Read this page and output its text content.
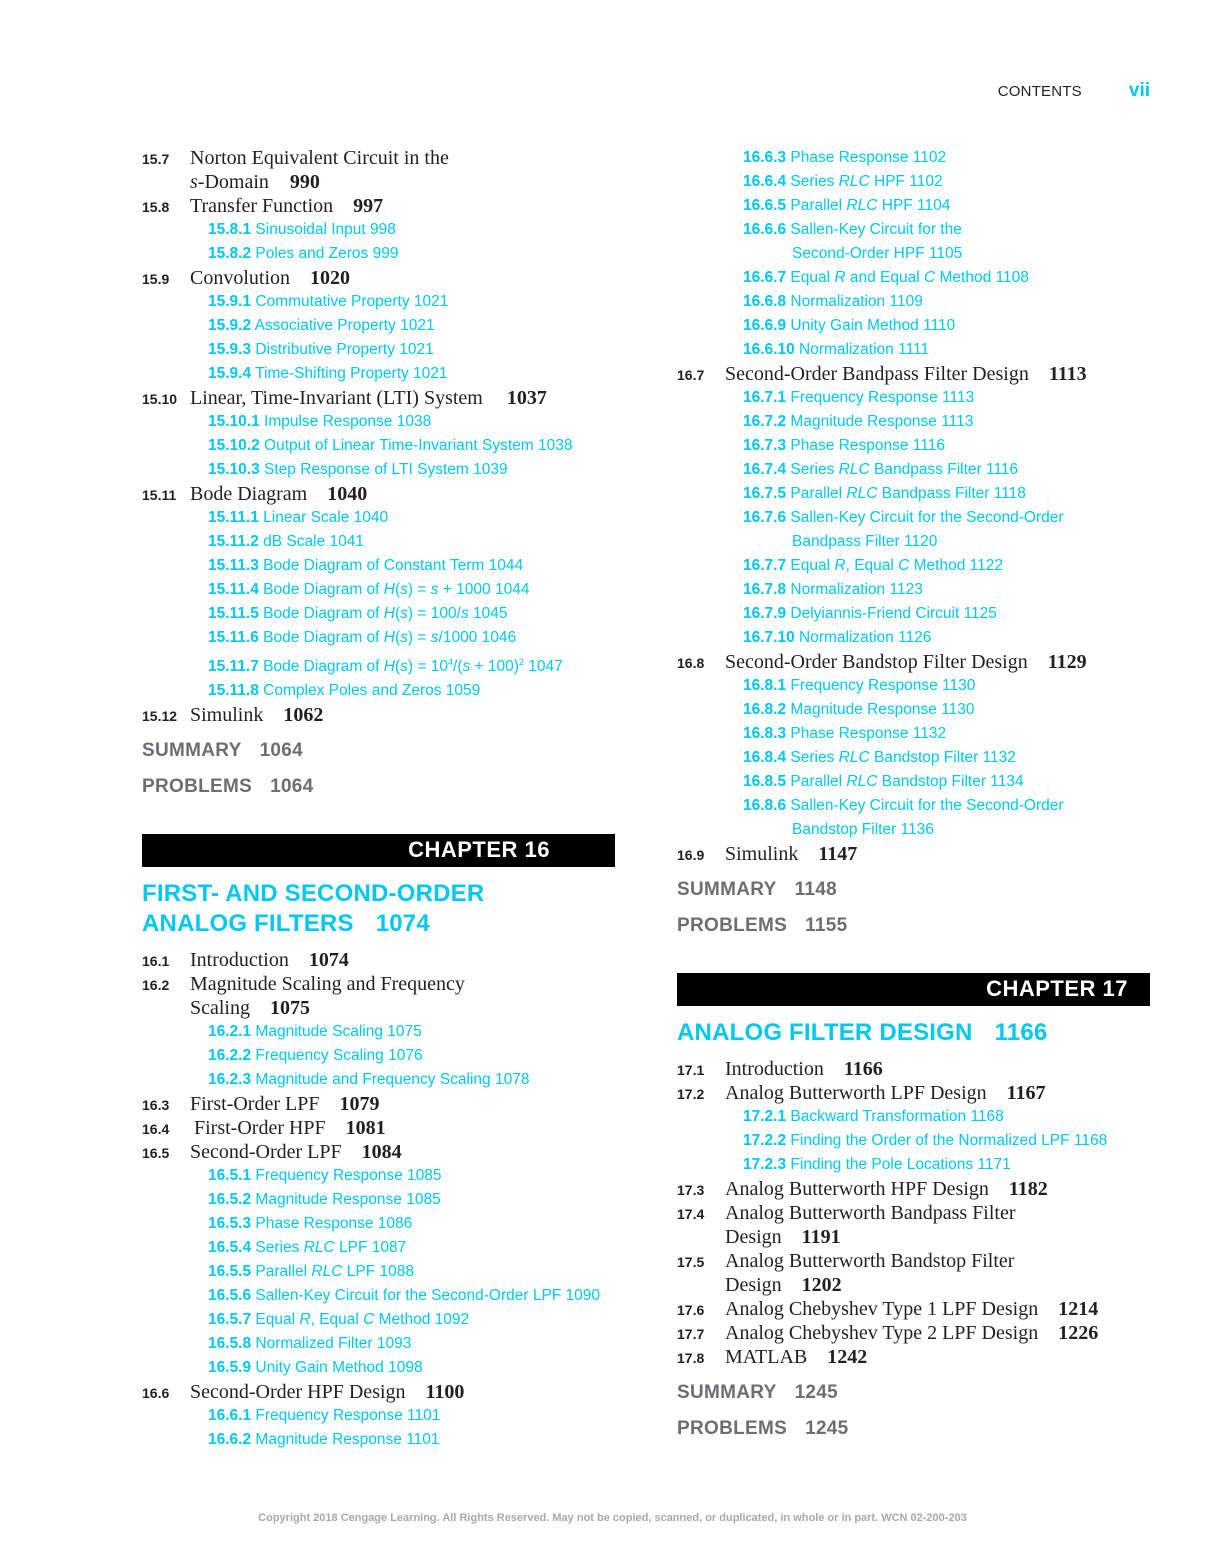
CONTENTS vii
15.7 Norton Equivalent Circuit in the
s-Domain 990
15.8 Transfer Function 997
15.8.1 Sinusoidal Input 998
15.8.2 Poles and Zeros 999
15.9 Convolution 1020
15.9.1 Commutative Property 1021
15.9.2 Associative Property 1021
15.9.3 Distributive Property 1021
15.9.4 Time-Shifting Property 1021
15.10 Linear, Time-Invariant (LTI) System 1037
15.10.1 Impulse Response 1038
15.10.2 Output of Linear Time-Invariant System 1038
15.10.3 Step Response of LTI System 1039
15.11 Bode Diagram 1040
15.11.1 Linear Scale 1040
15.11.2 dB Scale 1041
15.11.3 Bode Diagram of Constant Term 1044
15.11.4 Bode Diagram of H(s) = s + 1000 1044
15.11.5 Bode Diagram of H(s) = 100/s 1045
15.11.6 Bode Diagram of H(s) = s/1000 1046
15.11.7 Bode Diagram of $H(s) = 10^4/(s + 100)^2$ 1047
15.11.8 Complex Poles and Zeros 1059
15.12 Simulink 1062
SUMMARY 1064
PROBLEMS 1064
CHAPTER 16
FIRST- AND SECOND-ORDER
ANALOG FILTERS 1074
16.1 Introduction 1074
16.2 Magnitude Scaling and Frequency
Scaling 1075
16.2.1 Magnitude Scaling 1075
16.2.2 Frequency Scaling 1076
16.2.3 Magnitude and Frequency Scaling 1078
16.3 First-Order LPF 1079
16.4 First-Order HPF 1081
16.5 Second-Order LPF 1084
16.5.1 Frequency Response 1085
16.5.2 Magnitude Response 1085
16.5.3 Phase Response 1086
16.5.4 Series RLC LPF 1087
16.5.5 Parallel RLC LPF 1088
16.5.6 Sallen-Key Circuit for the Second-Order LPF 1090
16.5.7 Equal R, Equal C Method 1092
16.5.8 Normalized Filter 1093
16.5.9 Unity Gain Method 1098
16.6 Second-Order HPF Design 1100
16.6.1 Frequency Response 1101
16.6.2 Magnitude Response 1101
16.6.3 Phase Response 1102
16.6.4 Series RLC HPF 1102
16.6.5 Parallel RLC HPF 1104
16.6.6 Sallen-Key Circuit for the
Second-Order HPF 1105
16.6.7 Equal R and Equal C Method 1108
16.6.8 Normalization 1109
16.6.9 Unity Gain Method 1110
16.6.10 Normalization 1111
16.7 Second-Order Bandpass Filter Design 1113
16.7.1 Frequency Response 1113
16.7.2 Magnitude Response 1113
16.7.3 Phase Response 1116
16.7.4 Series RLC Bandpass Filter 1116
16.7.5 Parallel RLC Bandpass Filter 1118
16.7.6 Sallen-Key Circuit for the Second-Order
Bandpass Filter 1120
16.7.7 Equal R, Equal C Method 1122
16.7.8 Normalization 1123
16.7.9 Delyiannis-Friend Circuit 1125
16.7.10 Normalization 1126
16.8 Second-Order Bandstop Filter Design 1129
16.8.1 Frequency Response 1130
16.8.2 Magnitude Response 1130
16.8.3 Phase Response 1132
16.8.4 Series RLC Bandstop Filter 1132
16.8.5 Parallel RLC Bandstop Filter 1134
16.8.6 Sallen-Key Circuit for the Second-Order
Bandstop Filter 1136
16.9 Simulink 1147
SUMMARY 1148
PROBLEMS 1155
CHAPTER 17
ANALOG FILTER DESIGN 1166
17.1 Introduction 1166
17.2 Analog Butterworth LPF Design 1167
17.2.1 Backward Transformation 1168
17.2.2 Finding the Order of the Normalized LPF 1168
17.2.3 Finding the Pole Locations 1171
17.3 Analog Butterworth HPF Design 1182
17.4 Analog Butterworth Bandpass Filter
Design 1191
17.5 Analog Butterworth Bandstop Filter
Design 1202
17.6 Analog Chebyshev Type 1 LPF Design 1214
17.7 Analog Chebyshev Type 2 LPF Design 1226
17.8 MATLAB 1242
SUMMARY 1245
PROBLEMS 1245
Copyright 2018 Cengage Learning. All Rights Reserved. May not be copied, scanned, or duplicated, in whole or in part. WCN 02-200-203
